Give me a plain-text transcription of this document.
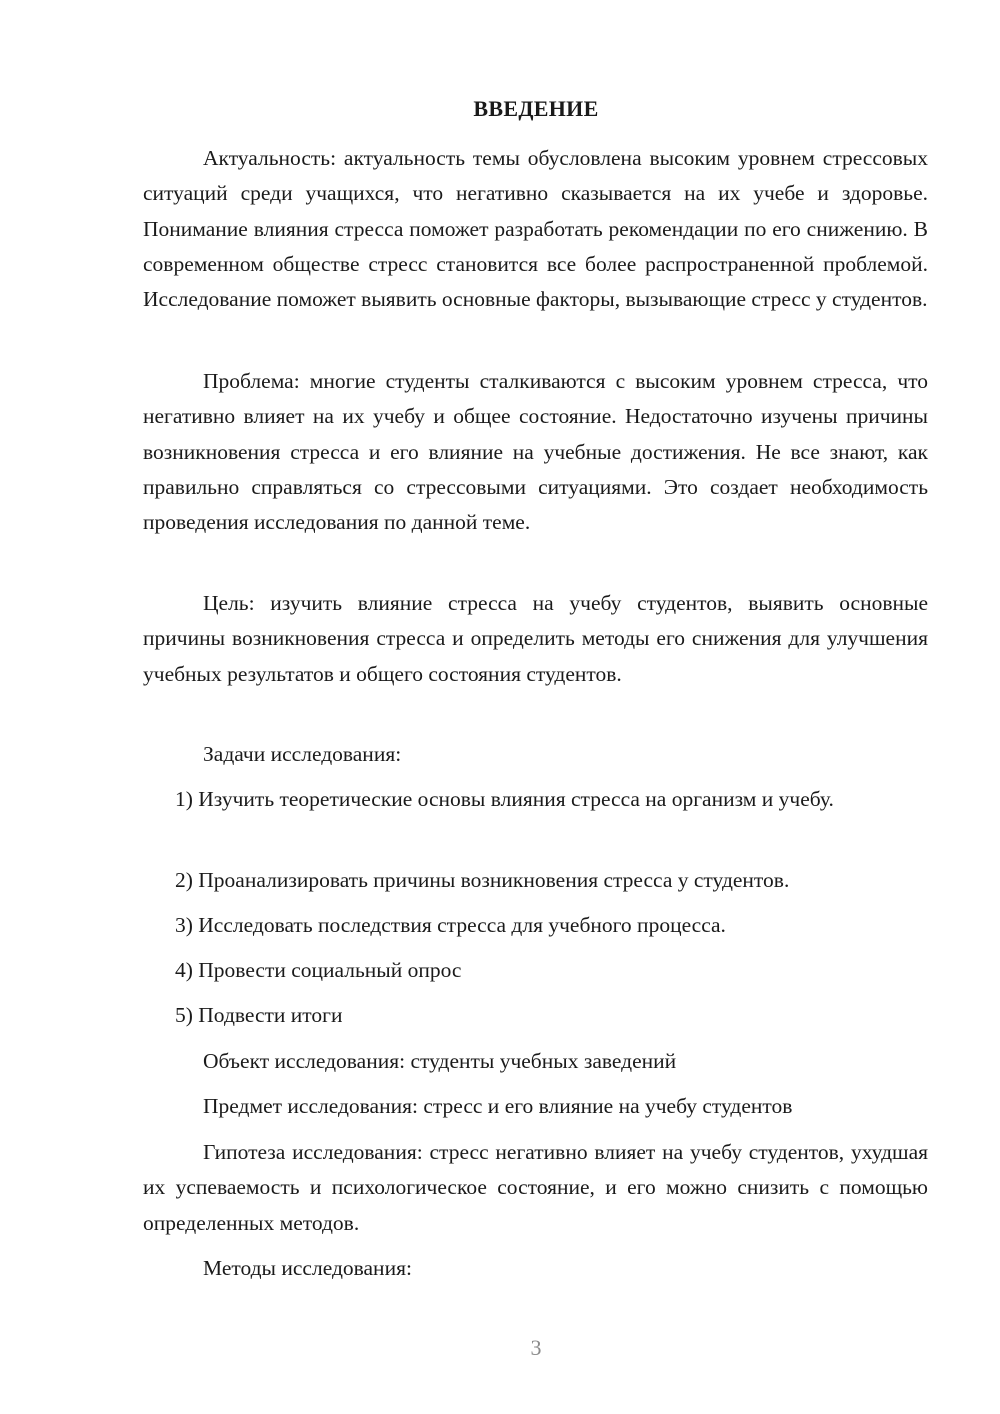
ВВЕДЕНИЕ

Актуальность: актуальность темы обусловлена высоким уровнем стрессовых ситуаций среди учащихся, что негативно сказывается на их учебе и здоровье. Понимание влияния стресса поможет разработать рекомендации по его снижению. В современном обществе стресс становится все более распространенной проблемой. Исследование поможет выявить основные факторы, вызывающие стресс у студентов.

Проблема: многие студенты сталкиваются с высоким уровнем стресса, что негативно влияет на их учебу и общее состояние. Недостаточно изучены причины возникновения стресса и его влияние на учебные достижения. Не все знают, как правильно справляться со стрессовыми ситуациями. Это создает необходимость проведения исследования по данной теме.

Цель: изучить влияние стресса на учебу студентов, выявить основные причины возникновения стресса и определить методы его снижения для улучшения учебных результатов и общего состояния студентов.

Задачи исследования:

1) Изучить теоретические основы влияния стресса на организм и учебу.

2) Проанализировать причины возникновения стресса у студентов.

3) Исследовать последствия стресса для учебного процесса.

4) Провести социальный опрос

5) Подвести итоги

Объект исследования: студенты учебных заведений

Предмет исследования: стресс и его влияние на учебу студентов

Гипотеза исследования: стресс негативно влияет на учебу студентов, ухудшая их успеваемость и психологическое состояние, и его можно снизить с помощью определенных методов.

Методы исследования:

3
